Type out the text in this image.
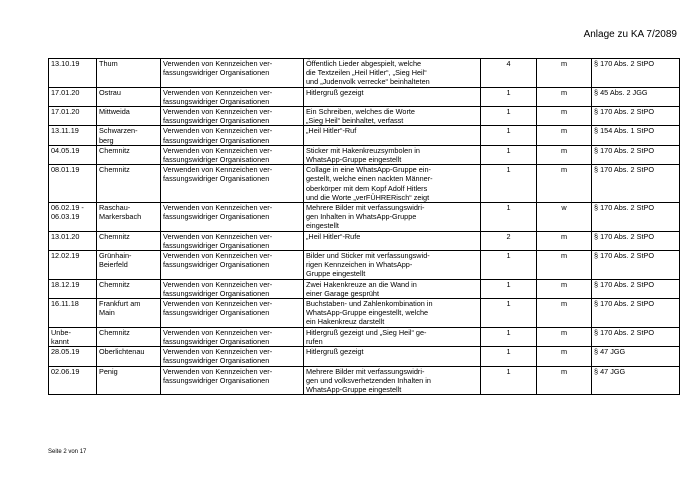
Anlage zu KA 7/2089
13.10.19	Thum	Verwenden von Kennzeichen ver-
fassungswidriger Organisationen	Öffentlich Lieder abgespielt, welche
die Textzeilen „Heil Hitler“, „Sieg Heil“
und „Judenvolk verrecke“ beinhalteten	4	m	§ 170 Abs. 2 StPO
17.01.20	Ostrau	Verwenden von Kennzeichen ver-
fassungswidriger Organisationen	Hitlergruß gezeigt	1	m	§ 45 Abs. 2 JGG
17.01.20	Mittweida	Verwenden von Kennzeichen ver-
fassungswidriger Organisationen	Ein Schreiben, welches die Worte
„Sieg Heil“ beinhaltet, verfasst	1	m	§ 170 Abs. 2 StPO
13.11.19	Schwarzen-
berg	Verwenden von Kennzeichen ver-
fassungswidriger Organisationen	„Heil Hitler“-Ruf	1	m	§ 154 Abs. 1 StPO
04.05.19	Chemnitz	Verwenden von Kennzeichen ver-
fassungswidriger Organisationen	Sticker mit Hakenkreuzsymbolen in
WhatsApp-Gruppe eingestellt	1	m	§ 170 Abs. 2 StPO
08.01.19	Chemnitz	Verwenden von Kennzeichen ver-
fassungswidriger Organisationen	Collage in eine WhatsApp-Gruppe ein-
gestellt, welche einen nackten Männer-
oberkörper mit dem Kopf Adolf Hitlers
und die Worte „verFÜHRERisch“ zeigt	1	m	§ 170 Abs. 2 StPO
06.02.19 -
06.03.19	Raschau-
Markersbach	Verwenden von Kennzeichen ver-
fassungswidriger Organisationen	Mehrere Bilder mit verfassungswidri-
gen Inhalten in WhatsApp-Gruppe
eingestellt	1	w	§ 170 Abs. 2 StPO
13.01.20	Chemnitz	Verwenden von Kennzeichen ver-
fassungswidriger Organisationen	„Heil Hitler“-Rufe	2	m	§ 170 Abs. 2 StPO
12.02.19	Grünhain-
Beierfeld	Verwenden von Kennzeichen ver-
fassungswidriger Organisationen	Bilder und Sticker mit verfassungswid-
rigen Kennzeichen in WhatsApp-
Gruppe eingestellt	1	m	§ 170 Abs. 2 StPO
18.12.19	Chemnitz	Verwenden von Kennzeichen ver-
fassungswidriger Organisationen	Zwei Hakenkreuze an die Wand in
einer Garage gesprüht	1	m	§ 170 Abs. 2 StPO
16.11.18	Frankfurt am
Main	Verwenden von Kennzeichen ver-
fassungswidriger Organisationen	Buchstaben- und Zahlenkombination in
WhatsApp-Gruppe eingestellt, welche
ein Hakenkreuz darstellt	1	m	§ 170 Abs. 2 StPO
Unbe-
kannt	Chemnitz	Verwenden von Kennzeichen ver-
fassungswidriger Organisationen	Hitlergruß gezeigt und „Sieg Heil“ ge-
rufen	1	m	§ 170 Abs. 2 StPO
28.05.19	Oberlichtenau	Verwenden von Kennzeichen ver-
fassungswidriger Organisationen	Hitlergruß gezeigt	1	m	§ 47 JGG
02.06.19	Penig	Verwenden von Kennzeichen ver-
fassungswidriger Organisationen	Mehrere Bilder mit verfassungswidri-
gen und volksverhetzenden Inhalten in
WhatsApp-Gruppe eingestellt	1	m	§ 47 JGG
Seite 2 von 17
